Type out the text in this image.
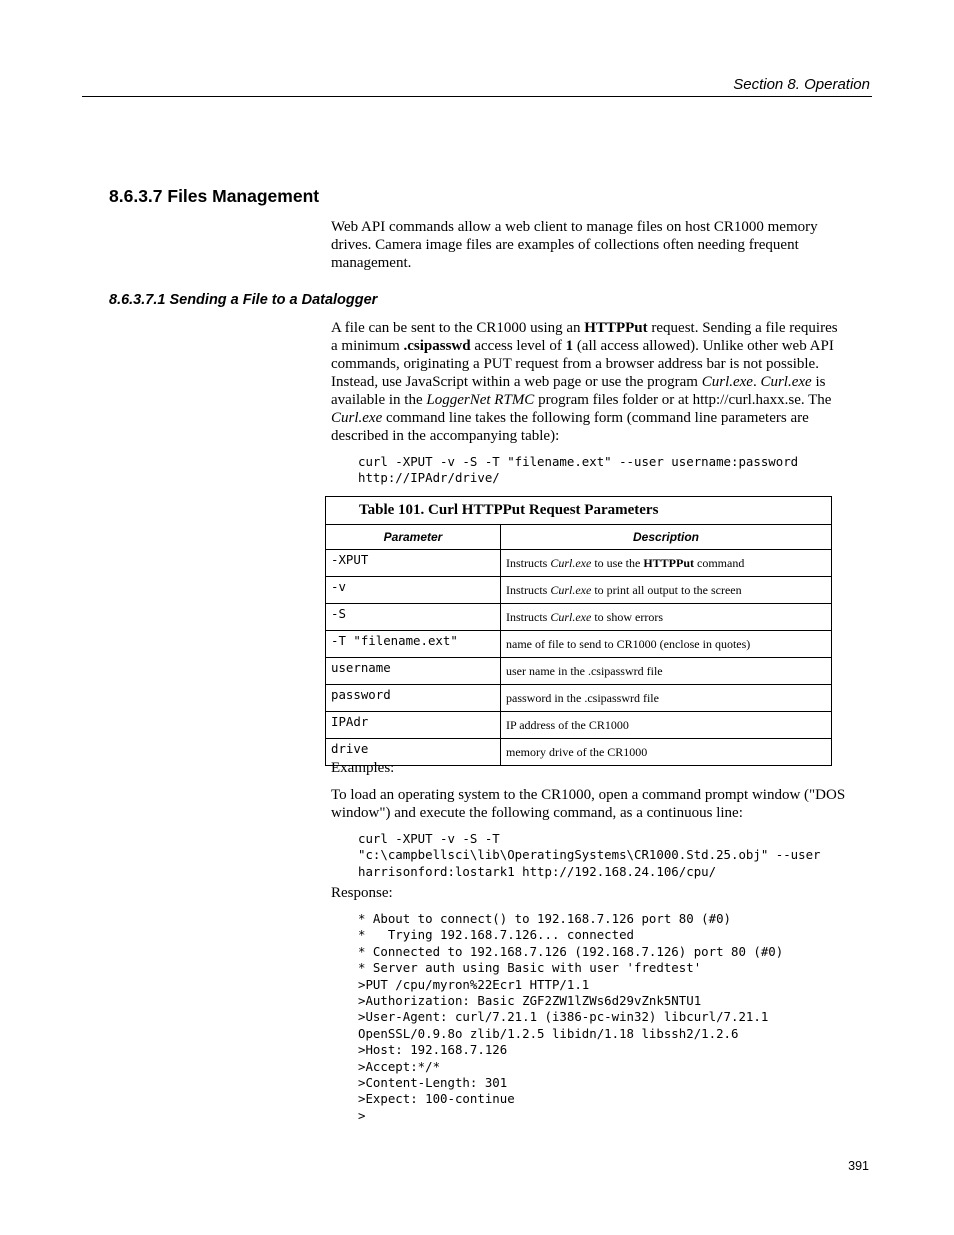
Section 8. Operation
8.6.3.7 Files Management
Web API commands allow a web client to manage files on host CR1000 memory drives. Camera image files are examples of collections often needing frequent management.
8.6.3.7.1 Sending a File to a Datalogger
A file can be sent to the CR1000 using an HTTPPut request. Sending a file requires a minimum .csipasswd access level of 1 (all access allowed). Unlike other web API commands, originating a PUT request from a browser address bar is not possible. Instead, use JavaScript within a web page or use the program Curl.exe. Curl.exe is available in the LoggerNet RTMC program files folder or at http://curl.haxx.se. The Curl.exe command line takes the following form (command line parameters are described in the accompanying table):
curl -XPUT -v -S -T "filename.ext" --user username:password
http://IPAdr/drive/
Table 101. Curl HTTPPut Request Parameters	
Parameter	Description
-XPUT	Instructs Curl.exe to use the HTTPPut command
-v	Instructs Curl.exe to print all output to the screen
-S	Instructs Curl.exe to show errors
-T "filename.ext"	name of file to send to CR1000 (enclose in quotes)
username	user name in the .csipasswrd file
password	password in the .csipasswrd file
IPAdr	IP address of the CR1000
drive	memory drive of the CR1000
Examples:
To load an operating system to the CR1000, open a command prompt window ("DOS window") and execute the following command, as a continuous line:
curl -XPUT -v -S -T
"c:\campbellsci\lib\OperatingSystems\CR1000.Std.25.obj" --user
harrisonford:lostark1 http://192.168.24.106/cpu/
Response:
* About to connect() to 192.168.7.126 port 80 (#0)
*   Trying 192.168.7.126... connected
* Connected to 192.168.7.126 (192.168.7.126) port 80 (#0)
* Server auth using Basic with user 'fredtest'
>PUT /cpu/myron%22Ecr1 HTTP/1.1
>Authorization: Basic ZGF2ZW1lZWs6d29vZnk5NTU1
>User-Agent: curl/7.21.1 (i386-pc-win32) libcurl/7.21.1
OpenSSL/0.9.8o zlib/1.2.5 libidn/1.18 libssh2/1.2.6
>Host: 192.168.7.126
>Accept:*/*
>Content-Length: 301
>Expect: 100-continue
>
391
